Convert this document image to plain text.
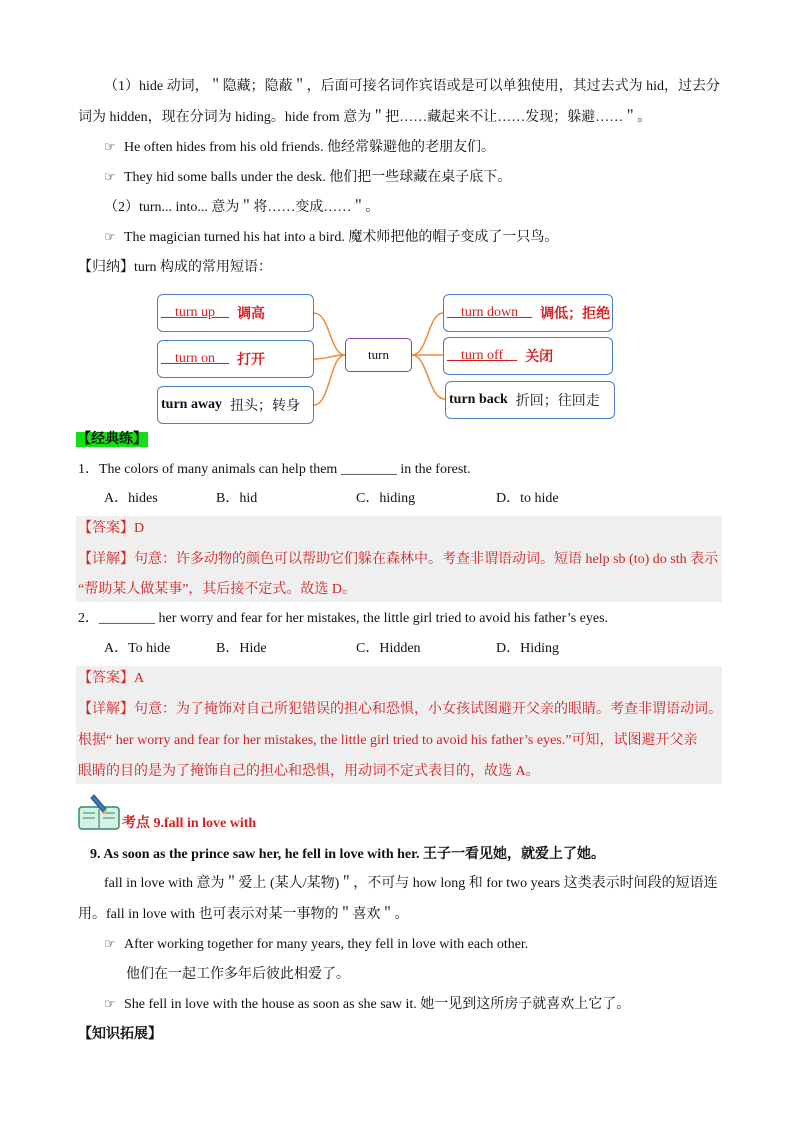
（1）hide 动词，＂隐藏；隐蔽＂，后面可接名词作宾语或是可以单独使用，其过去式为 hid，过去分
词为 hidden，现在分词为 hiding。hide from 意为＂把……藏起来不让……发现；躲避……＂。
☞ He often hides from his old friends. 他经常躲避他的老朋友们。
☞ They hid some balls under the desk. 他们把一些球藏在桌子底下。
（2）turn... into... 意为＂将……变成……＂。
☞ The magician turned his hat into a bird. 魔术师把他的帽子变成了一只鸟。
【归纳】turn 构成的常用短语：
turn
__turn up__ 调高
__turn on__ 打开
turn away 扭头；转身
__turn down__ 调低；拒绝
__turn off__ 关闭
turn back 折回；往回走
【经典练】
1．The colors of many animals can help them ________ in the forest.
A．hides	B．hid	C．hiding	D．to hide
【答案】D
【详解】句意：许多动物的颜色可以帮助它们躲在森林中。考查非谓语动词。短语 help sb (to) do sth 表示
“帮助某人做某事”，其后接不定式。故选 D。
2．________ her worry and fear for her mistakes, the little girl tried to avoid his father’s eyes.
A．To hide	B．Hide	C．Hidden	D．Hiding
【答案】A
【详解】句意：为了掩饰对自己所犯错误的担心和恐惧，小女孩试图避开父亲的眼睛。考查非谓语动词。
根据“ her worry and fear for her mistakes, the little girl tried to avoid his father’s eyes.”可知，试图避开父亲
眼睛的目的是为了掩饰自己的担心和恐惧，用动词不定式表目的，故选 A。
考点 9.fall in love with
9. As soon as the prince saw her, he fell in love with her. 王子一看见她，就爱上了她。
fall in love with 意为＂爱上 (某人/某物)＂，不可与 how long 和 for two years 这类表示时间段的短语连
用。fall in love with 也可表示对某一事物的＂喜欢＂。
☞ After working together for many years, they fell in love with each other.
他们在一起工作多年后彼此相爱了。
☞ She fell in love with the house as soon as she saw it. 她一见到这所房子就喜欢上它了。
【知识拓展】
